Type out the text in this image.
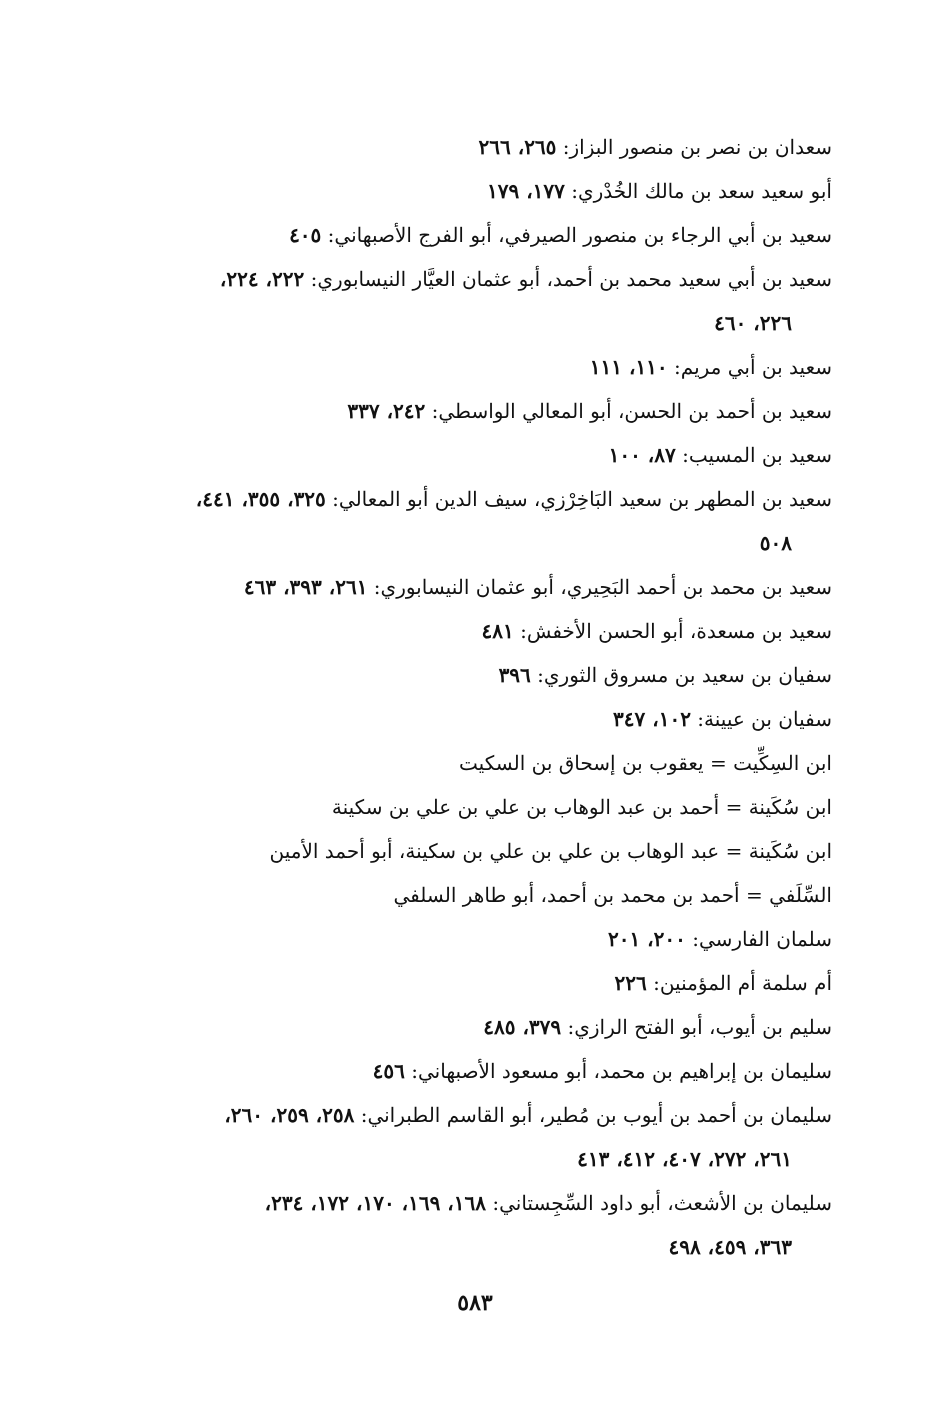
سعدان بن نصر بن منصور البزاز: ٢٦٥، ٢٦٦

أبو سعيد سعد بن مالك الخُدْري: ١٧٧، ١٧٩

سعيد بن أبي الرجاء بن منصور الصيرفي، أبو الفرج الأصبهاني: ٤٠٥

سعيد بن أبي سعيد محمد بن أحمد، أبو عثمان العيَّار النيسابوري: ٢٢٢، ٢٢٤،
٢٢٦، ٤٦٠

سعيد بن أبي مريم: ١١٠، ١١١

سعيد بن أحمد بن الحسن، أبو المعالي الواسطي: ٢٤٢، ٣٣٧

سعيد بن المسيب: ٨٧، ١٠٠

سعيد بن المطهر بن سعيد البَاخِرْزي، سيف الدين أبو المعالي: ٣٢٥، ٣٥٥، ٤٤١،
٥٠٨

سعيد بن محمد بن أحمد البَحِيري، أبو عثمان النيسابوري: ٢٦١، ٣٩٣، ٤٦٣

سعيد بن مسعدة، أبو الحسن الأخفش: ٤٨١

سفيان بن سعيد بن مسروق الثوري: ٣٩٦

سفيان بن عيينة: ١٠٢، ٣٤٧

ابن السِكِّيت = يعقوب بن إسحاق بن السكيت

ابن سُكَينة = أحمد بن عبد الوهاب بن علي بن علي بن سكينة

ابن سُكَينة = عبد الوهاب بن علي بن علي بن سكينة، أبو أحمد الأمين

السِّلَفي = أحمد بن محمد بن أحمد، أبو طاهر السلفي

سلمان الفارسي: ٢٠٠، ٢٠١

أم سلمة أم المؤمنين: ٢٢٦

سليم بن أيوب، أبو الفتح الرازي: ٣٧٩، ٤٨٥

سليمان بن إبراهيم بن محمد، أبو مسعود الأصبهاني: ٤٥٦

سليمان بن أحمد بن أيوب بن مُطير، أبو القاسم الطبراني: ٢٥٨، ٢٥٩، ٢٦٠،
٢٦١، ٢٧٢، ٤٠٧، ٤١٢، ٤١٣

سليمان بن الأشعث، أبو داود السِّجِستاني: ١٦٨، ١٦٩، ١٧٠، ١٧٢، ٢٣٤،
٣٦٣، ٤٥٩، ٤٩٨

٥٨٣
